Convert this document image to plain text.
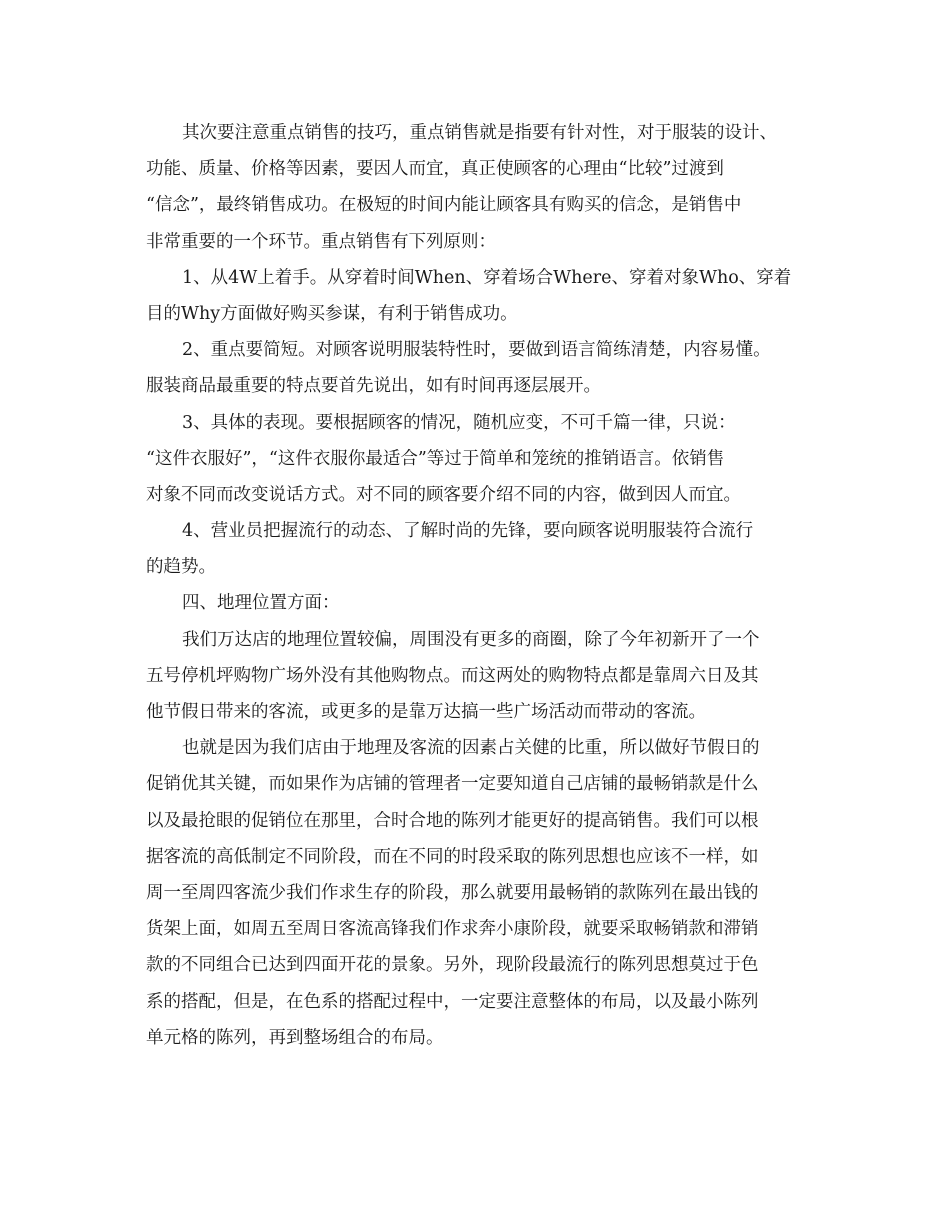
其次要注意重点销售的技巧，重点销售就是指要有针对性，对于服装的设计、
功能、质量、价格等因素，要因人而宜，真正使顾客的心理由“比较”过渡到
“信念”，最终销售成功。在极短的时间内能让顾客具有购买的信念，是销售中
非常重要的一个环节。重点销售有下列原则：
1、从4W上着手。从穿着时间When、穿着场合Where、穿着对象Who、穿着
目的Why方面做好购买参谋，有利于销售成功。
2、重点要简短。对顾客说明服装特性时，要做到语言简练清楚，内容易懂。
服装商品最重要的特点要首先说出，如有时间再逐层展开。
3、具体的表现。要根据顾客的情况，随机应变，不可千篇一律，只说：
“这件衣服好”，“这件衣服你最适合”等过于简单和笼统的推销语言。依销售
对象不同而改变说话方式。对不同的顾客要介绍不同的内容，做到因人而宜。
4、营业员把握流行的动态、了解时尚的先锋，要向顾客说明服装符合流行
的趋势。
四、地理位置方面：
我们万达店的地理位置较偏，周围没有更多的商圈，除了今年初新开了一个
五号停机坪购物广场外没有其他购物点。而这两处的购物特点都是靠周六日及其
他节假日带来的客流，或更多的是靠万达搞一些广场活动而带动的客流。
也就是因为我们店由于地理及客流的因素占关健的比重，所以做好节假日的
促销优其关键，而如果作为店铺的管理者一定要知道自己店铺的最畅销款是什么
以及最抢眼的促销位在那里，合时合地的陈列才能更好的提高销售。我们可以根
据客流的高低制定不同阶段，而在不同的时段采取的陈列思想也应该不一样，如
周一至周四客流少我们作求生存的阶段，那么就要用最畅销的款陈列在最出钱的
货架上面，如周五至周日客流高锋我们作求奔小康阶段，就要采取畅销款和滞销
款的不同组合已达到四面开花的景象。另外，现阶段最流行的陈列思想莫过于色
系的搭配，但是，在色系的搭配过程中，一定要注意整体的布局，以及最小陈列
单元格的陈列，再到整场组合的布局。
